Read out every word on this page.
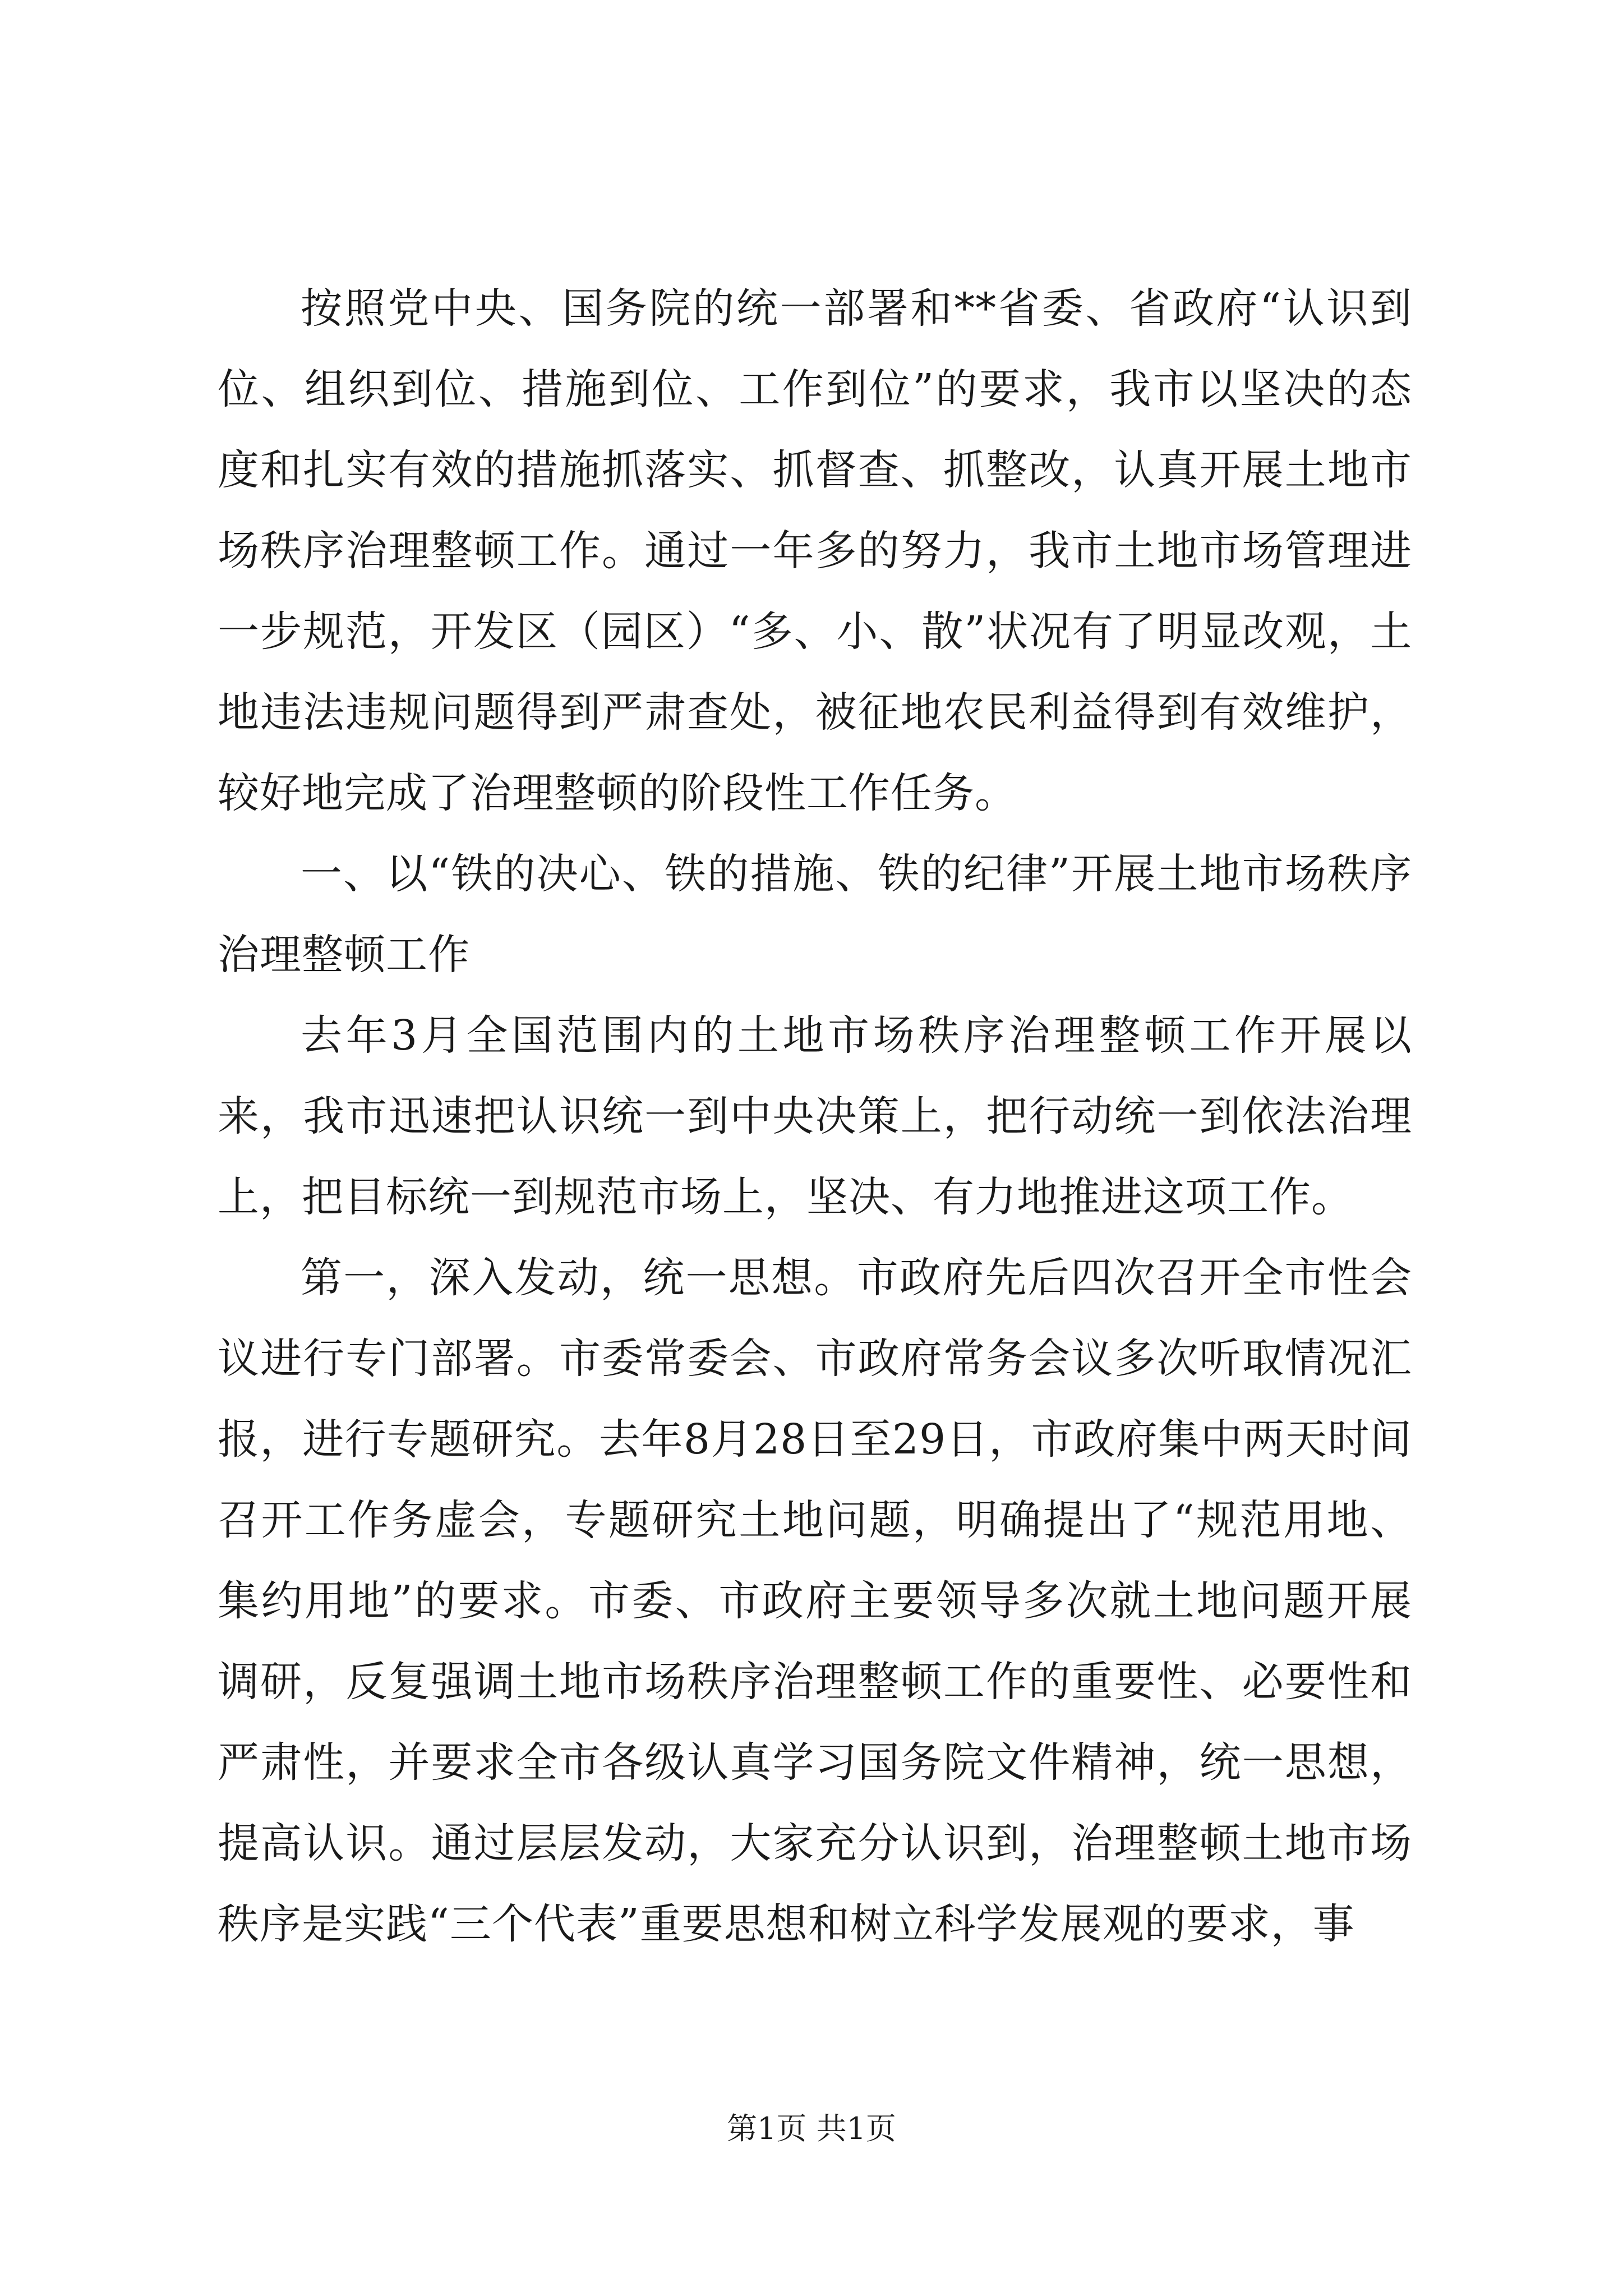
按照党中央、国务院的统一部署和**省委、省政府“认识到位、组织到位、措施到位、工作到位”的要求，我市以坚决的态度和扎实有效的措施抓落实、抓督查、抓整改，认真开展土地市场秩序治理整顿工作。通过一年多的努力，我市土地市场管理进一步规范，开发区（园区）“多、小、散”状况有了明显改观，土地违法违规问题得到严肃查处，被征地农民利益得到有效维护，较好地完成了治理整顿的阶段性工作任务。

一、以“铁的决心、铁的措施、铁的纪律”开展土地市场秩序治理整顿工作

去年3月全国范围内的土地市场秩序治理整顿工作开展以来，我市迅速把认识统一到中央决策上，把行动统一到依法治理上，把目标统一到规范市场上，坚决、有力地推进这项工作。

第一，深入发动，统一思想。市政府先后四次召开全市性会议进行专门部署。市委常委会、市政府常务会议多次听取情况汇报，进行专题研究。去年8月28日至29日，市政府集中两天时间召开工作务虚会，专题研究土地问题，明确提出了“规范用地、集约用地”的要求。市委、市政府主要领导多次就土地问题开展调研，反复强调土地市场秩序治理整顿工作的重要性、必要性和严肃性，并要求全市各级认真学习国务院文件精神，统一思想，提高认识。通过层层发动，大家充分认识到，治理整顿土地市场秩序是实践“三个代表”重要思想和树立科学发展观的要求，事

第1页 共1页
